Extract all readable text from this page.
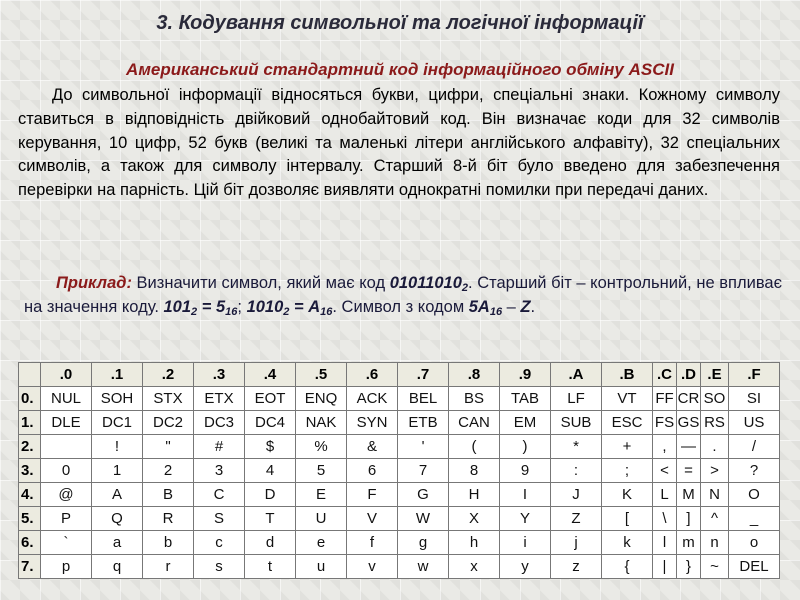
3. Кодування символьної та логічної інформації
Американський стандартний код інформаційного обміну ASCII

До символьної інформації відносяться букви, цифри, спеціальні знаки. Кожному символу ставиться в відповідність двійковий однобайтовий код. Він визначає коди для 32 символів керування, 10 цифр, 52 букв (великі та маленькі літери англійського алфавіту), 32 спеціальних символів, а також для символу інтервалу. Старший 8-й біт було введено для забезпечення перевірки на парність. Цій біт дозволяє виявляти однократні помилки при передачі даних.

Приклад: Визначити символ, який має код $01011010_2$. Старший біт – контрольний, не впливає на значення коду. $101_2 = 5_{16}$; $1010_2 = A_{16}$. Символ з кодом $5A_{16}$ – Z.

	.0	.1	.2	.3	.4	.5	.6	.7	.8	.9	.A	.B	.C	.D	.E	.F
0.	NUL	SOH	STX	ETX	EOT	ENQ	ACK	BEL	BS	TAB	LF	VT	FF	CR	SO	SI
1.	DLE	DC1	DC2	DC3	DC4	NAK	SYN	ETB	CAN	EM	SUB	ESC	FS	GS	RS	US
2.		!	"	#	$	%	&	'	(	)	*	+	,	—	.	/
3.	0	1	2	3	4	5	6	7	8	9	:	;	<	=	>	?
4.	@	A	B	C	D	E	F	G	H	I	J	K	L	M	N	O
5.	P	Q	R	S	T	U	V	W	X	Y	Z	[	\	]	^	_
6.	`	a	b	c	d	e	f	g	h	i	j	k	l	m	n	o
7.	p	q	r	s	t	u	v	w	x	y	z	{	|	}	~	DEL
